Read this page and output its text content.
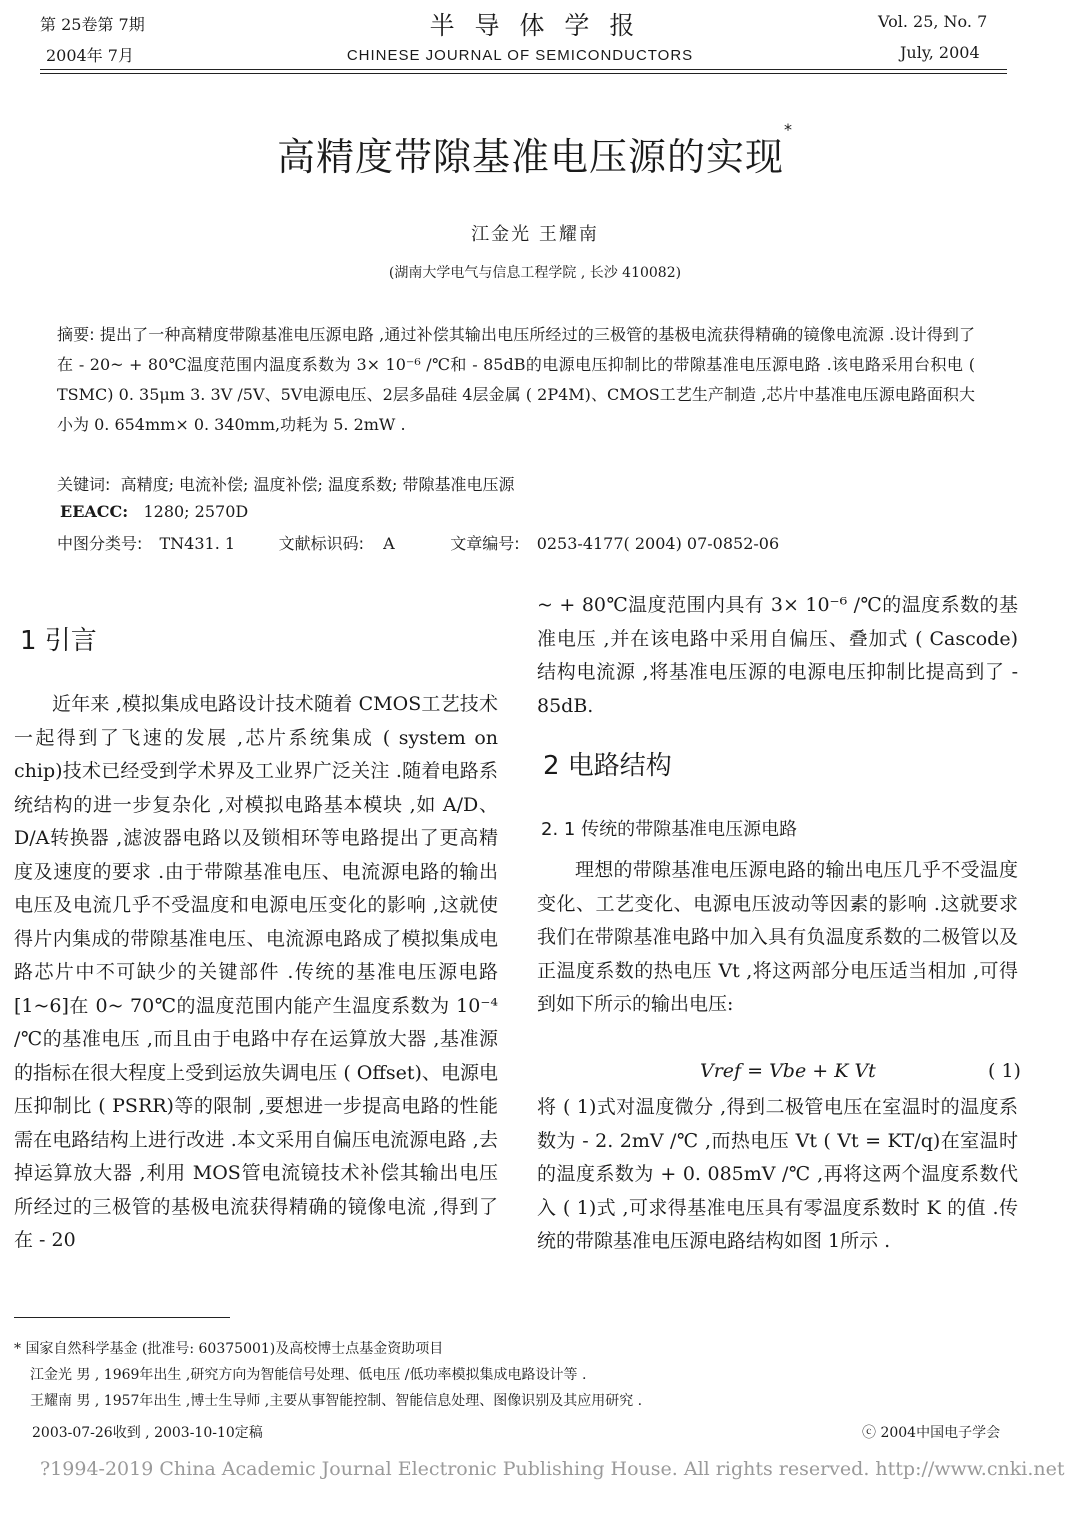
第 25卷第 7期
2004年 7月
半 导 体 学 报
CHINESE JOURNAL OF SEMICONDUCTORS
Vol. 25, No. 7
July, 2004
高精度带隙基准电压源的实现*
江金光 王耀南
(湖南大学电气与信息工程学院 , 长沙 410082)
摘要: 提出了一种高精度带隙基准电压源电路 ,通过补偿其输出电压所经过的三极管的基极电流获得精确的镜像电流源 .设计得到了在 - 20~ + 80℃温度范围内温度系数为 3× 10⁻⁶ /℃和 - 85dB的电源电压抑制比的带隙基准电压源电路 .该电路采用台积电 ( TSMC) 0. 35μm 3. 3V /5V、5V电源电压、2层多晶硅 4层金属 ( 2P4M)、CMOS工艺生产制造 ,芯片中基准电压源电路面积大小为 0. 654mm× 0. 340mm,功耗为 5. 2mW .
关键词: 高精度; 电流补偿; 温度补偿; 温度系数; 带隙基准电压源
EEACC: 1280; 2570D
中图分类号: TN431. 1	文献标识码: A	文章编号: 0253-4177( 2004) 07-0852-06
1 引言

近年来 ,模拟集成电路设计技术随着 CMOS工艺技术一起得到了飞速的发展 ,芯片系统集成 ( system on chip)技术已经受到学术界及工业界广泛关注 .随着电路系统结构的进一步复杂化 ,对模拟电路基本模块 ,如 A/D、D/A转换器 ,滤波器电路以及锁相环等电路提出了更高精度及速度的要求 .由于带隙基准电压、电流源电路的输出电压及电流几乎不受温度和电源电压变化的影响 ,这就使得片内集成的带隙基准电压、电流源电路成了模拟集成电路芯片中不可缺少的关键部件 .传统的基准电压源电路 [1~6]在 0~ 70℃的温度范围内能产生温度系数为 10⁻⁴ /℃的基准电压 ,而且由于电路中存在运算放大器 ,基准源的指标在很大程度上受到运放失调电压 ( Offset)、电源电压抑制比 ( PSRR)等的限制 ,要想进一步提高电路的性能需在电路结构上进行改进 .本文采用自偏压电流源电路 ,去掉运算放大器 ,利用 MOS管电流镜技术补偿其输出电压所经过的三极管的基极电流获得精确的镜像电流 ,得到了在 - 20

~ + 80℃温度范围内具有 3× 10⁻⁶ /℃的温度系数的基准电压 ,并在该电路中采用自偏压、叠加式 ( Cascode)结构电流源 ,将基准电压源的电源电压抑制比提高到了 - 85dB.

2 电路结构
2. 1 传统的带隙基准电压源电路

理想的带隙基准电压源电路的输出电压几乎不受温度变化、工艺变化、电源电压波动等因素的影响 .这就要求我们在带隙基准电路中加入具有负温度系数的二极管以及正温度系数的热电压 Vt ,将这两部分电压适当相加 ,可得到如下所示的输出电压:

Vref = Vbe + K Vt	( 1)

将 ( 1)式对温度微分 ,得到二极管电压在室温时的温度系数为 - 2. 2mV /℃ ,而热电压 Vt ( Vt = KT/q)在室温时的温度系数为 + 0. 085mV /℃ ,再将这两个温度系数代入 ( 1)式 ,可求得基准电压具有零温度系数时 K 的值 .传统的带隙基准电压源电路结构如图 1所示 .

* 国家自然科学基金 (批准号: 60375001)及高校博士点基金资助项目
江金光 男 , 1969年出生 ,研究方向为智能信号处理、低电压 /低功率模拟集成电路设计等 .
王耀南 男 , 1957年出生 ,博士生导师 ,主要从事智能控制、智能信息处理、图像识别及其应用研究 .
2003-07-26收到 , 2003-10-10定稿	ⓒ 2004中国电子学会
?1994-2019 China Academic Journal Electronic Publishing House. All rights reserved. http://www.cnki.net
